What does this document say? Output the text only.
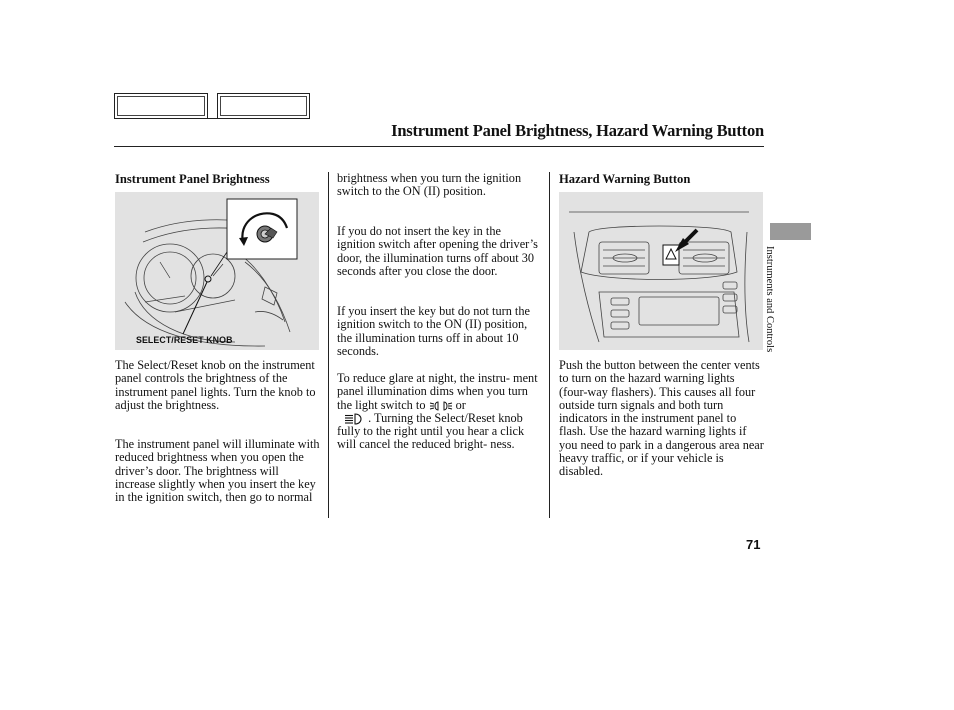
Instrument Panel Brightness, Hazard Warning Button
Instrument Panel Brightness
SELECT/RESET KNOB
The Select/Reset knob on the instrument panel controls the brightness of the instrument panel lights. Turn the knob to adjust the brightness.
The instrument panel will illuminate with reduced brightness when you open the driver’s door. The brightness will increase slightly when you insert the key in the ignition switch, then go to normal
brightness when you turn the ignition switch to the ON (II) position.
If you do not insert the key in the ignition switch after opening the driver’s door, the illumination turns off about 30 seconds after you close the door.
If you insert the key but do not turn the ignition switch to the ON (II) position, the illumination turns off in about 10 seconds.
To reduce glare at night, the instru- ment panel illumination dims when you turn the light switch to or
. Turning the Select/Reset knob fully to the right until you hear a click will cancel the reduced bright- ness.
Hazard Warning Button
Push the button between the center vents to turn on the hazard warning lights (four-way flashers). This causes all four outside turn signals and both turn indicators in the instrument panel to flash. Use the hazard warning lights if you need to park in a dangerous area near heavy traffic, or if your vehicle is disabled.
Instruments and Controls
71
